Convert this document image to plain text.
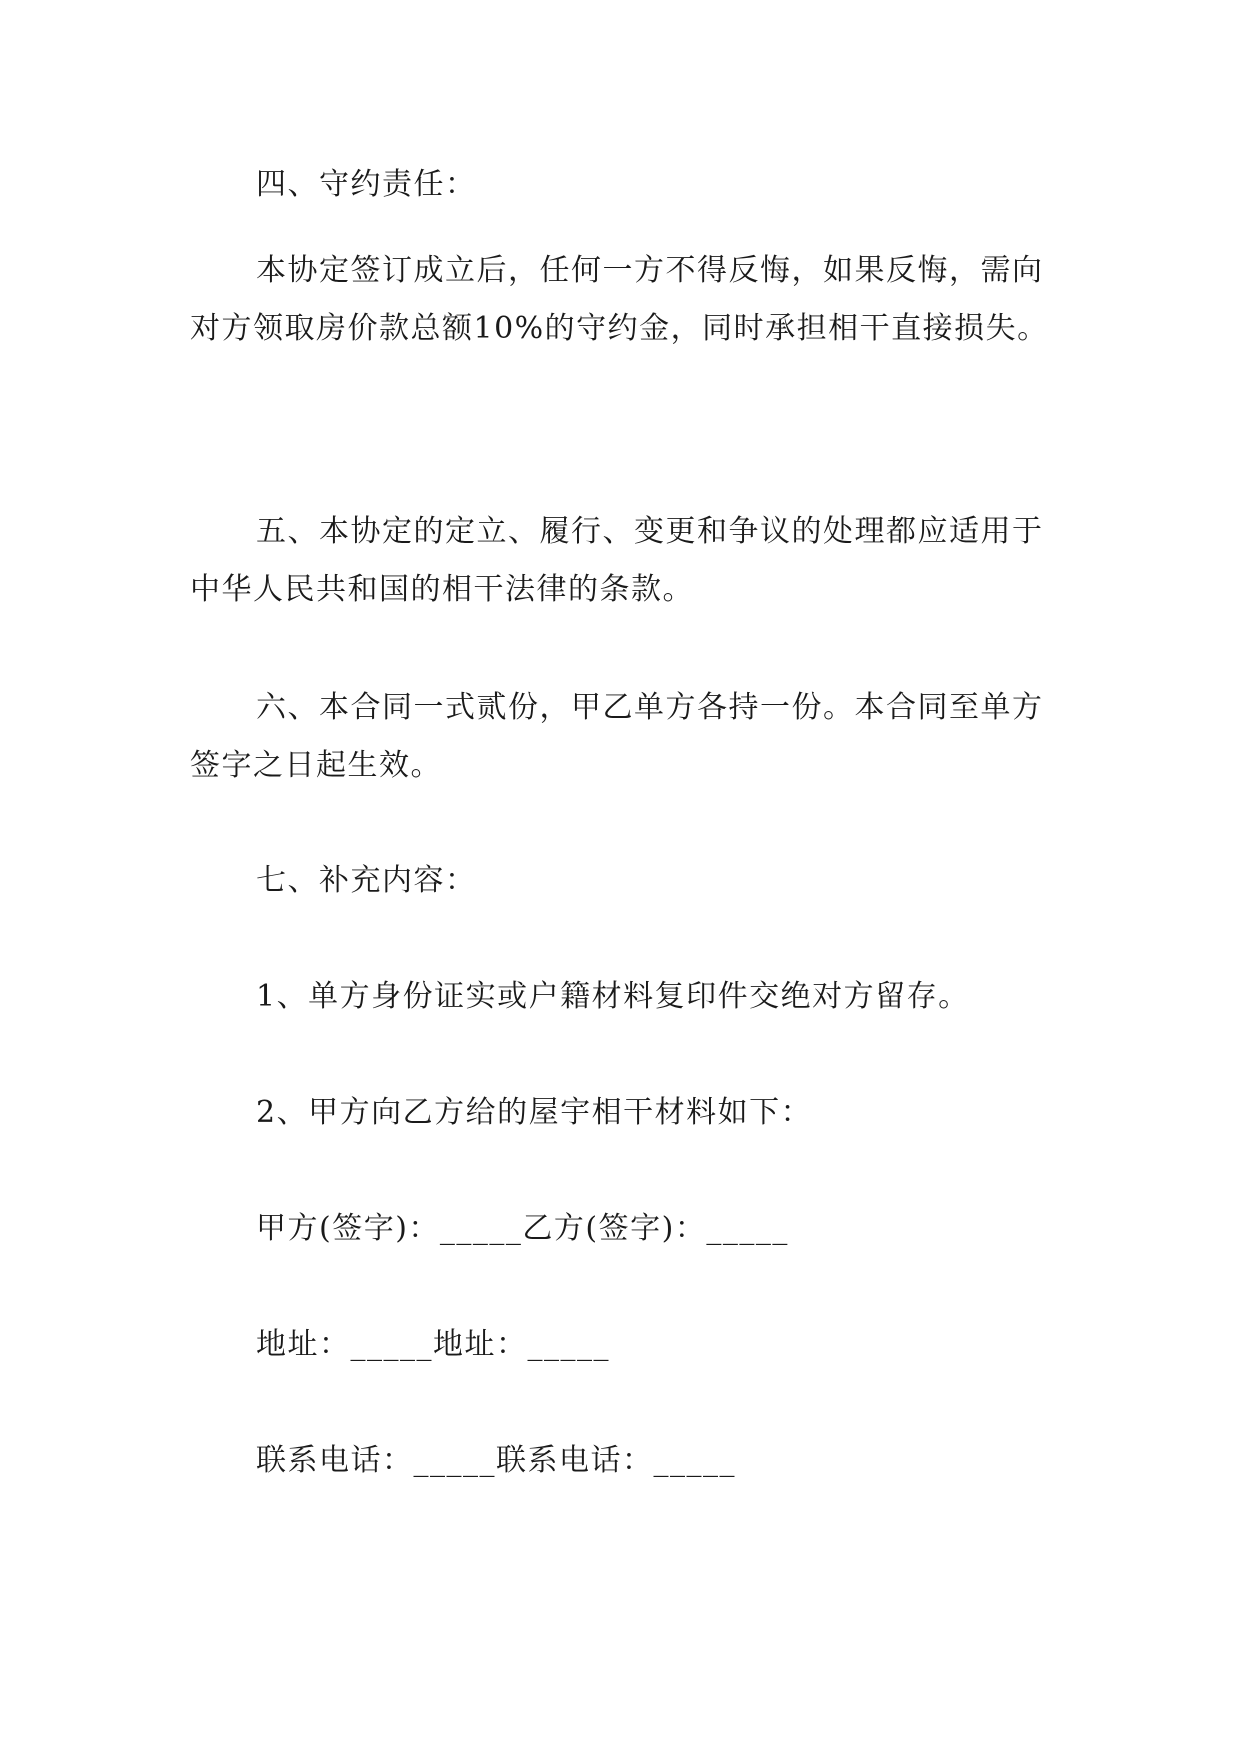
四、守约责任：

本协定签订成立后，任何一方不得反悔，如果反悔，需向对方领取房价款总额10%的守约金，同时承担相干直接损失。

五、本协定的定立、履行、变更和争议的处理都应适用于中华人民共和国的相干法律的条款。

六、本合同一式贰份，甲乙单方各持一份。本合同至单方签字之日起生效。

七、补充内容：

1、单方身份证实或户籍材料复印件交绝对方留存。

2、甲方向乙方给的屋宇相干材料如下：

甲方(签字)：_____乙方(签字)：_____

地址：_____地址：_____

联系电话：_____联系电话：_____
